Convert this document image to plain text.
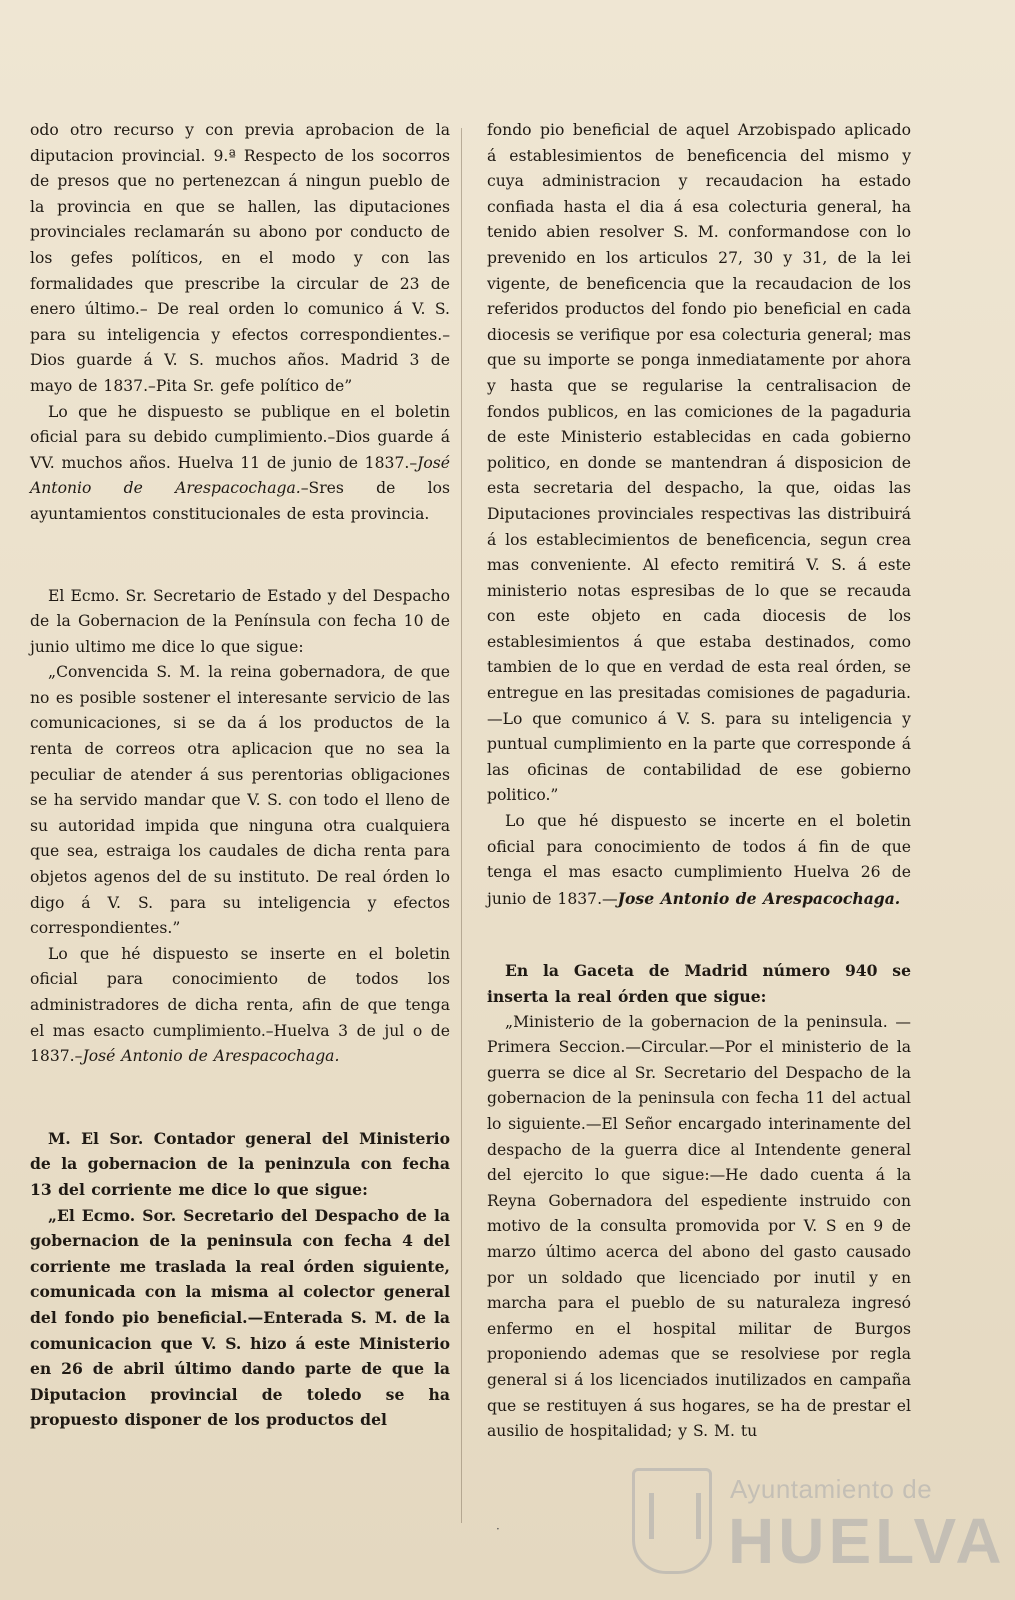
odo otro recurso y con previa aprobacion de la diputacion provincial. 9.ª Respecto de los socorros de presos que no pertenezcan á ningun pueblo de la provincia en que se hallen, las diputaciones provinciales reclamarán su abono por conducto de los gefes políticos, en el modo y con las formalidades que prescribe la circular de 23 de enero último.– De real orden lo comunico á V. S. para su inteligencia y efectos correspondientes.–Dios guarde á V. S. muchos años. Madrid 3 de mayo de 1837.–Pita Sr. gefe político de”

Lo que he dispuesto se publique en el boletin oficial para su debido cumplimiento.–Dios guarde á VV. muchos años. Huelva 11 de junio de 1837.–José Antonio de Arespacochaga.–Sres de los ayuntamientos constitucionales de esta provincia.

El Ecmo. Sr. Secretario de Estado y del Despacho de la Gobernacion de la Península con fecha 10 de junio ultimo me dice lo que sigue:

„Convencida S. M. la reina gobernadora, de que no es posible sostener el interesante servicio de las comunicaciones, si se da á los productos de la renta de correos otra aplicacion que no sea la peculiar de atender á sus perentorias obligaciones se ha servido mandar que V. S. con todo el lleno de su autoridad impida que ninguna otra cualquiera que sea, estraiga los caudales de dicha renta para objetos agenos del de su instituto. De real órden lo digo á V. S. para su inteligencia y efectos correspondientes.”

Lo que hé dispuesto se inserte en el boletin oficial para conocimiento de todos los administradores de dicha renta, afin de que tenga el mas esacto cumplimiento.–Huelva 3 de jul o de 1837.–José Antonio de Arespacochaga.

M. El Sor. Contador general del Ministerio de la gobernacion de la peninzula con fecha 13 del corriente me dice lo que sigue:

„El Ecmo. Sor. Secretario del Despacho de la gobernacion de la peninsula con fecha 4 del corriente me traslada la real órden siguiente, comunicada con la misma al colector general del fondo pio beneficial.—Enterada S. M. de la comunicacion que V. S. hizo á este Ministerio en 26 de abril último dando parte de que la Diputacion provincial de toledo se ha propuesto disponer de los productos del

fondo pio beneficial de aquel Arzobispado aplicado á establesimientos de beneficencia del mismo y cuya administracion y recaudacion ha estado confiada hasta el dia á esa colecturia general, ha tenido abien resolver S. M. conformandose con lo prevenido en los articulos 27, 30 y 31, de la lei vigente, de beneficencia que la recaudacion de los referidos productos del fondo pio beneficial en cada diocesis se verifique por esa colecturia general; mas que su importe se ponga inmediatamente por ahora y hasta que se regularise la centralisacion de fondos publicos, en las comiciones de la pagaduria de este Ministerio establecidas en cada gobierno politico, en donde se mantendran á disposicion de esta secretaria del despacho, la que, oidas las Diputaciones provinciales respectivas las distribuirá á los establecimientos de beneficencia, segun crea mas conveniente. Al efecto remitirá V. S. á este ministerio notas espresibas de lo que se recauda con este objeto en cada diocesis de los establesimientos á que estaba destinados, como tambien de lo que en verdad de esta real órden, se entregue en las presitadas comisiones de pagaduria.—Lo que comunico á V. S. para su inteligencia y puntual cumplimiento en la parte que corresponde á las oficinas de contabilidad de ese gobierno politico.”

Lo que hé dispuesto se incerte en el boletin oficial para conocimiento de todos á fin de que tenga el mas esacto cumplimiento Huelva 26 de junio de 1837.—Jose Antonio de Arespacochaga.

En la Gaceta de Madrid número 940 se inserta la real órden que sigue:

„Ministerio de la gobernacion de la peninsula. —Primera Seccion.—Circular.—Por el ministerio de la guerra se dice al Sr. Secretario del Despacho de la gobernacion de la peninsula con fecha 11 del actual lo siguiente.—El Señor encargado interinamente del despacho de la guerra dice al Intendente general del ejercito lo que sigue:—He dado cuenta á la Reyna Gobernadora del espediente instruido con motivo de la consulta promovida por V. S en 9 de marzo último acerca del abono del gasto causado por un soldado que licenciado por inutil y en marcha para el pueblo de su naturaleza ingresó enfermo en el hospital militar de Burgos proponiendo ademas que se resolviese por regla general si á los licenciados inutilizados en campaña que se restituyen á sus hogares, se ha de prestar el ausilio de hospitalidad; y S. M. tu

Ayuntamiento de
HUELVA
·
